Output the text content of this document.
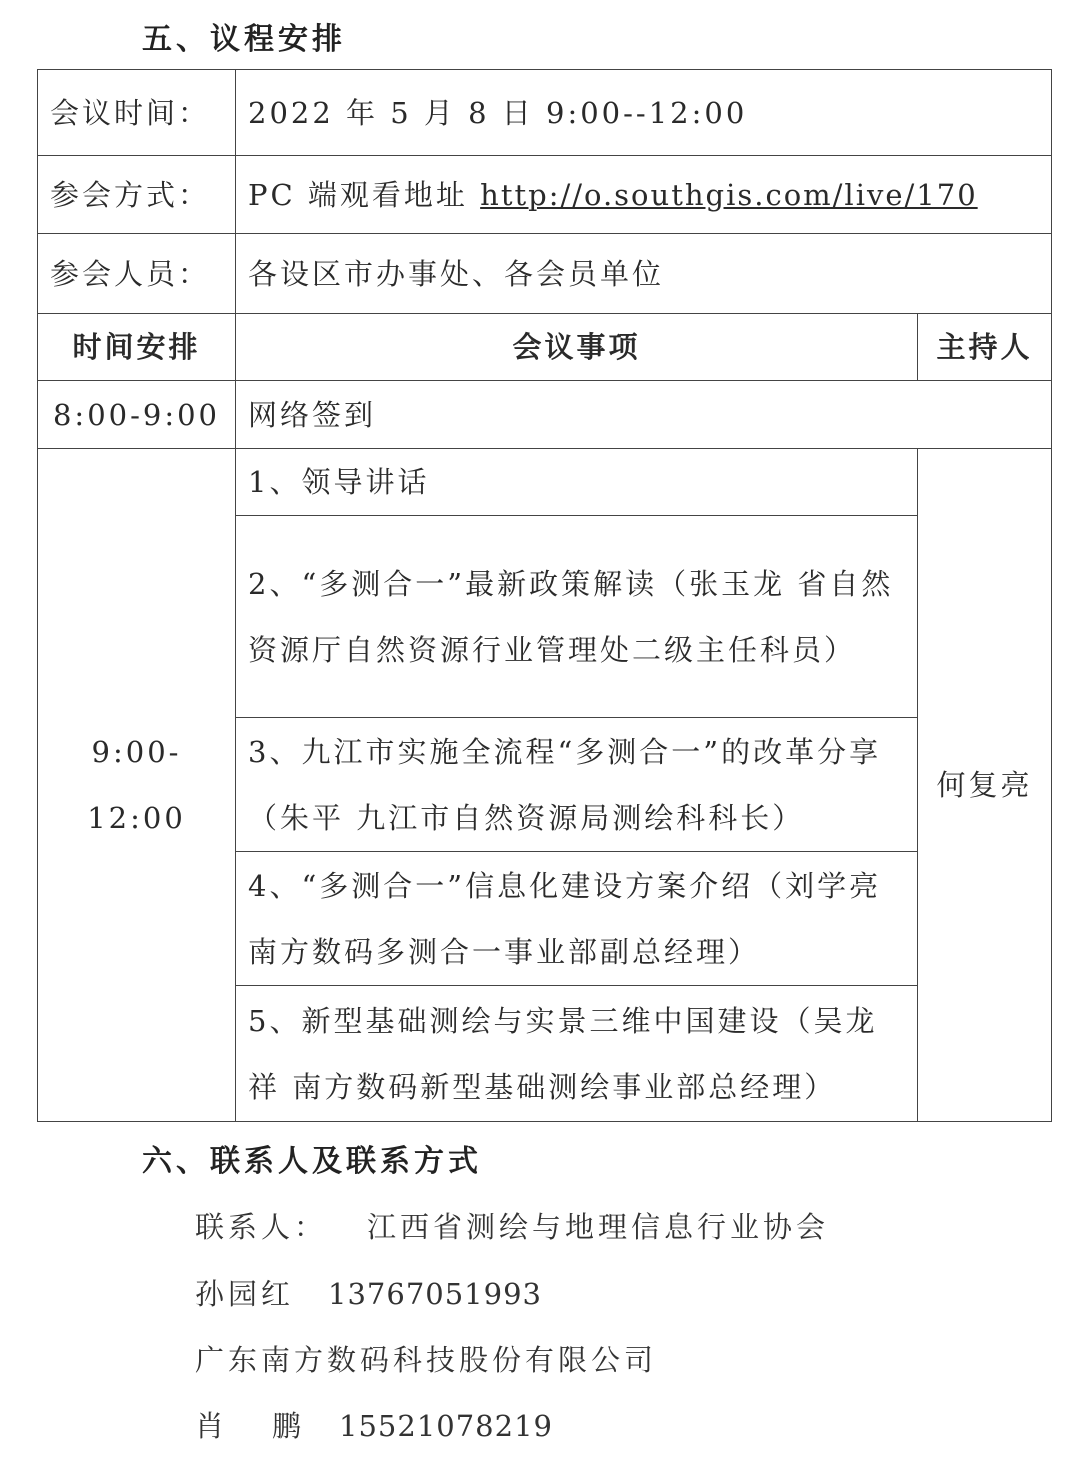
五、议程安排
会议时间：	2022 年 5 月 8 日 9:00--12:00	
参会方式：	PC 端观看地址 http://o.southgis.com/live/170	
参会人员：	各设区市办事处、各会员单位	
时间安排	会议事项	主持人
8:00-9:00	网络签到	
9:00-12:00	1、领导讲话	何复亮
	2、“多测合一”最新政策解读（张玉龙 省自然资源厅自然资源行业管理处二级主任科员）	
	3、九江市实施全流程“多测合一”的改革分享（朱平 九江市自然资源局测绘科科长）	
	4、“多测合一”信息化建设方案介绍（刘学亮 南方数码多测合一事业部副总经理）	
	5、新型基础测绘与实景三维中国建设（吴龙祥 南方数码新型基础测绘事业部总经理）	
六、联系人及联系方式
联系人： 江西省测绘与地理信息行业协会
孙园红 13767051993
广东南方数码科技股份有限公司
肖 鹏 15521078219
